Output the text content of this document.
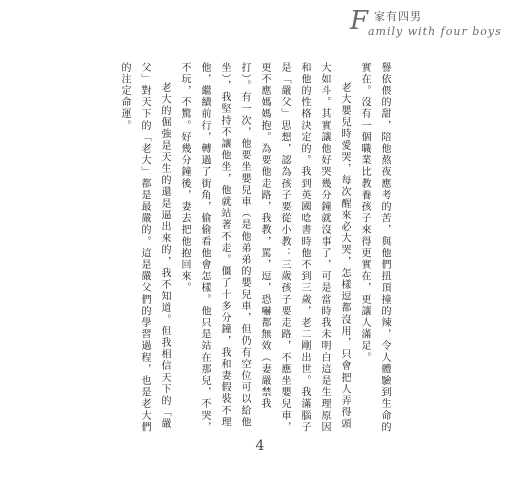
F 家有四男
amily with four boys

譽依偎的甜，陪他熬夜應考的苦，與他們扭頂撞的辣，令人體驗到生命的實在。沒有一個職業比教養孩子來得更實在，更讓人滿足。

老大嬰兒時愛哭，每次醒來必大哭，怎樣逗都沒用，只會把人弄得頭大如斗。其實讓他好哭幾分鐘就沒事了，可是當時我未明白這是生理原因和他的性格決定的。我到英國唸書時他不到三歲，老二剛出世。我滿腦子是「嚴父」思想，認為孩子要從小教：三歲孩子要走路，不應坐嬰兒車，更不應媽媽抱。為要他走路，我教，罵，逗，恐嚇都無效（妻嚴禁我打）。有一次，他要坐嬰兒車（是他弟弟的嬰兒車，但仍有空位可以給他坐），我堅持不讓他坐，他就站著不走。僵了十多分鐘，我和妻假裝不理他，繼續前行，轉過了街角，偷偷看他會怎樣。他只是站在那兒，不哭，不玩，不驚。好幾分鐘後，妻去把他抱回來。

老大的倔強是天生的還是逼出來的，我不知道。但我相信天下的「嚴父」對天下的「老大」都是最嚴的。這是嚴父們的學習過程，也是老大們的注定命運。

4
